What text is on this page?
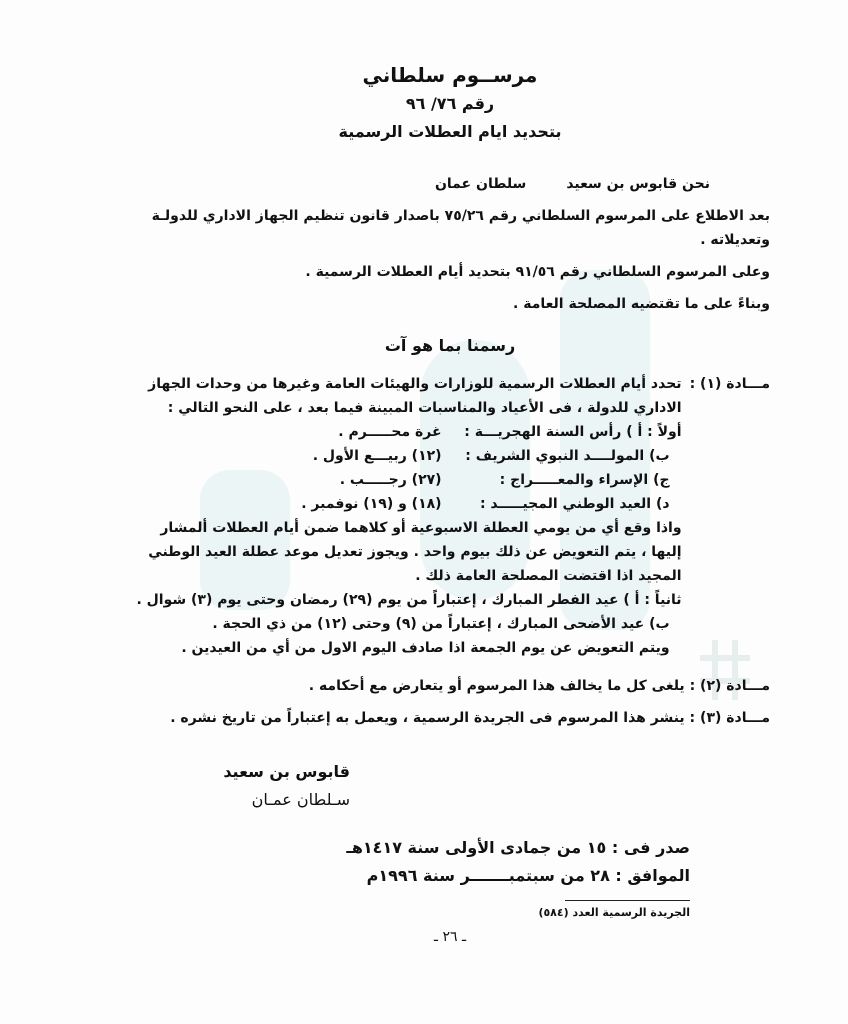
مرســوم سلطاني
رقم ٧٦/ ٩٦
بتحديد ايام العطلات الرسمية
نحن قابوس بن سعيد
سلطان عمان
بعد الاطلاع على المرسوم السلطاني رقم ٧٥/٢٦ باصدار قانون تنظيم الجهاز الاداري للدولـة
وتعديلاته .
وعلى المرسوم السلطاني رقم ٩١/٥٦ بتحديد أيام العطلات الرسمية .
وبناءً على ما تقتضيه المصلحة العامة .
رسمنا بما هو آت
مـــادة (١) :
تحدد أيام العطلات الرسمية للوزارات والهيئات العامة وغيرها من وحدات الجهاز
الاداري للدولة ، فى الأعياد والمناسبات المبينة فيما بعد ، على النحو التالي :
أولاً : أ ) رأس السنة الهجريـــة :
غرة محـــــرم .
ب) المولــــد النبوي الشريف :
(١٢) ربيـــع الأول .
ج) الإسراء والمعـــــراج :
(٢٧) رجـــــب .
د) العيد الوطني المجيـــــد :
(١٨) و (١٩) نوفمبر .
واذا وقع أي من يومي العطلة الاسبوعية أو كلاهما ضمن أيام العطلات ألمشار
إليها ، يتم التعويض عن ذلك بيوم واحد . ويجوز تعديل موعد عطلة العيد الوطني
المجيد اذا اقتضت المصلحة العامة ذلك .
ثانياً : أ ) عيد الفطر المبارك ، إعتباراً من يوم (٢٩) رمضان وحتى يوم (٣) شوال .
ب) عيد الأضحى المبارك ، إعتباراً من (٩) وحتى (١٢) من ذي الحجة .
ويتم التعويض عن يوم الجمعة اذا صادف اليوم الاول من أي من العيدين .
مـــادة (٢) : يلغى كل ما يخالف هذا المرسوم أو يتعارض مع أحكامه .
مـــادة (٣) : ينشر هذا المرسوم فى الجريدة الرسمية ، ويعمل به إعتباراً من تاريخ نشره .
قابوس بن سعيد
سـلطان عمـان
صدر فى : ١٥ من جمادى الأولى سنة ١٤١٧هـ
الموافق : ٢٨ من سبتمبـــــــر سنة ١٩٩٦م
الجريدة الرسمية العدد (٥٨٤)
ـ ٢٦ ـ
